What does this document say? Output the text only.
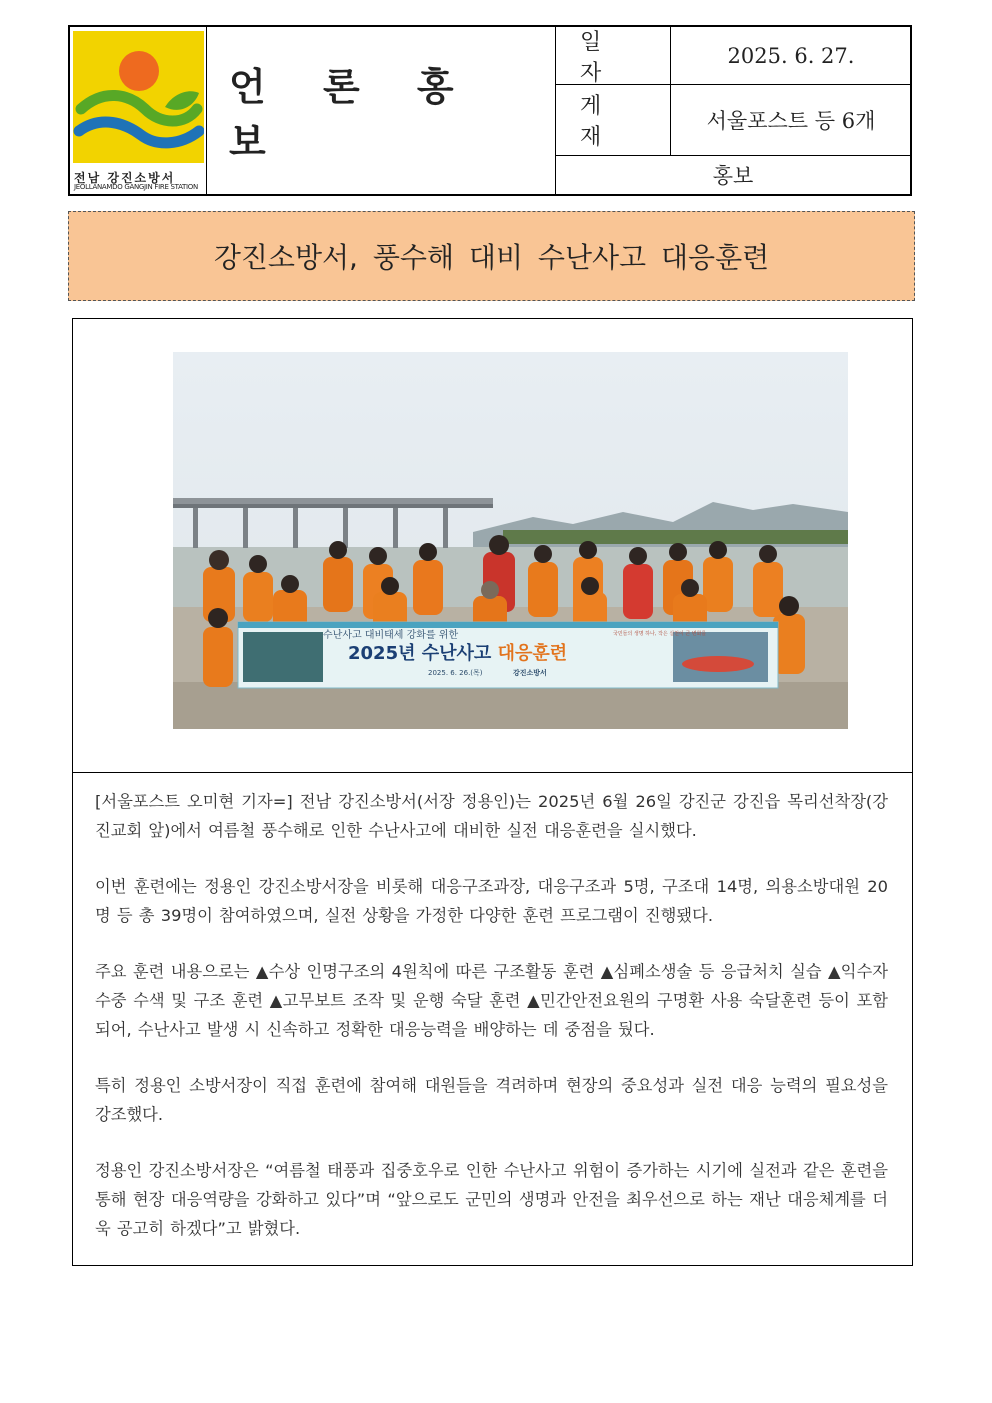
전남 강진소방서
JEOLLANAMDO GANGJIN FIRE STATION
언 론 홍 보
일 자
2025. 6. 27.
게 재
서울포스트 등 6개
홍보
강진소방서, 풍수해 대비 수난사고 대응훈련
수난사고 대비태세 강화를 위한
2025년 수난사고 대응훈련
2025. 6. 26.(목)	강진소방서
국민들의 생명 하나, 작은 실천이 큰 변화를

[서울포스트 오미현 기자=] 전남 강진소방서(서장 정용인)는 2025년 6월 26일 강진군 강진읍 목리선착장(강진교회 앞)에서 여름철 풍수해로 인한 수난사고에 대비한 실전 대응훈련을 실시했다.

이번 훈련에는 정용인 강진소방서장을 비롯해 대응구조과장, 대응구조과 5명, 구조대 14명, 의용소방대원 20명 등 총 39명이 참여하였으며, 실전 상황을 가정한 다양한 훈련 프로그램이 진행됐다.

주요 훈련 내용으로는 ▲수상 인명구조의 4원칙에 따른 구조활동 훈련 ▲심폐소생술 등 응급처치 실습 ▲익수자 수중 수색 및 구조 훈련 ▲고무보트 조작 및 운행 숙달 훈련 ▲민간안전요원의 구명환 사용 숙달훈련 등이 포함되어, 수난사고 발생 시 신속하고 정확한 대응능력을 배양하는 데 중점을 뒀다.

특히 정용인 소방서장이 직접 훈련에 참여해 대원들을 격려하며 현장의 중요성과 실전 대응 능력의 필요성을 강조했다.

정용인 강진소방서장은 “여름철 태풍과 집중호우로 인한 수난사고 위험이 증가하는 시기에 실전과 같은 훈련을 통해 현장 대응역량을 강화하고 있다”며 “앞으로도 군민의 생명과 안전을 최우선으로 하는 재난 대응체계를 더욱 공고히 하겠다”고 밝혔다.
